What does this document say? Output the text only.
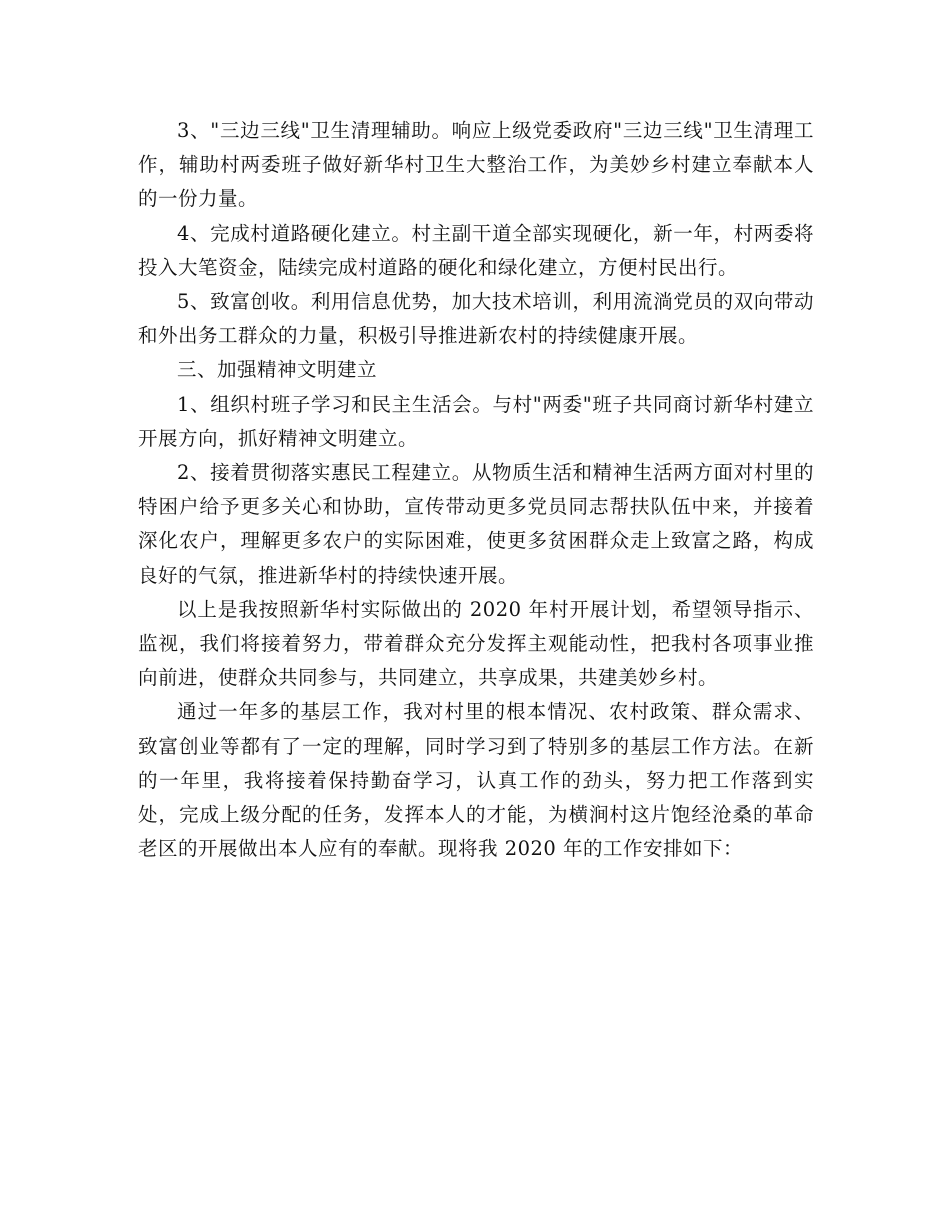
3、"三边三线"卫生清理辅助。响应上级党委政府"三边三线"卫生清理工作，辅助村两委班子做好新华村卫生大整治工作，为美妙乡村建立奉献本人的一份力量。

4、完成村道路硬化建立。村主副干道全部实现硬化，新一年，村两委将投入大笔资金，陆续完成村道路的硬化和绿化建立，方便村民出行。

5、致富创收。利用信息优势，加大技术培训，利用流淌党员的双向带动和外出务工群众的力量，积极引导推进新农村的持续健康开展。

三、加强精神文明建立

1、组织村班子学习和民主生活会。与村"两委"班子共同商讨新华村建立开展方向，抓好精神文明建立。

2、接着贯彻落实惠民工程建立。从物质生活和精神生活两方面对村里的特困户给予更多关心和协助，宣传带动更多党员同志帮扶队伍中来，并接着深化农户，理解更多农户的实际困难，使更多贫困群众走上致富之路，构成良好的气氛，推进新华村的持续快速开展。

以上是我按照新华村实际做出的 2020 年村开展计划，希望领导指示、监视，我们将接着努力，带着群众充分发挥主观能动性，把我村各项事业推向前进，使群众共同参与，共同建立，共享成果，共建美妙乡村。

通过一年多的基层工作，我对村里的根本情况、农村政策、群众需求、致富创业等都有了一定的理解，同时学习到了特别多的基层工作方法。在新的一年里，我将接着保持勤奋学习，认真工作的劲头，努力把工作落到实处，完成上级分配的任务，发挥本人的才能，为横涧村这片饱经沧桑的革命老区的开展做出本人应有的奉献。现将我 2020 年的工作安排如下：
